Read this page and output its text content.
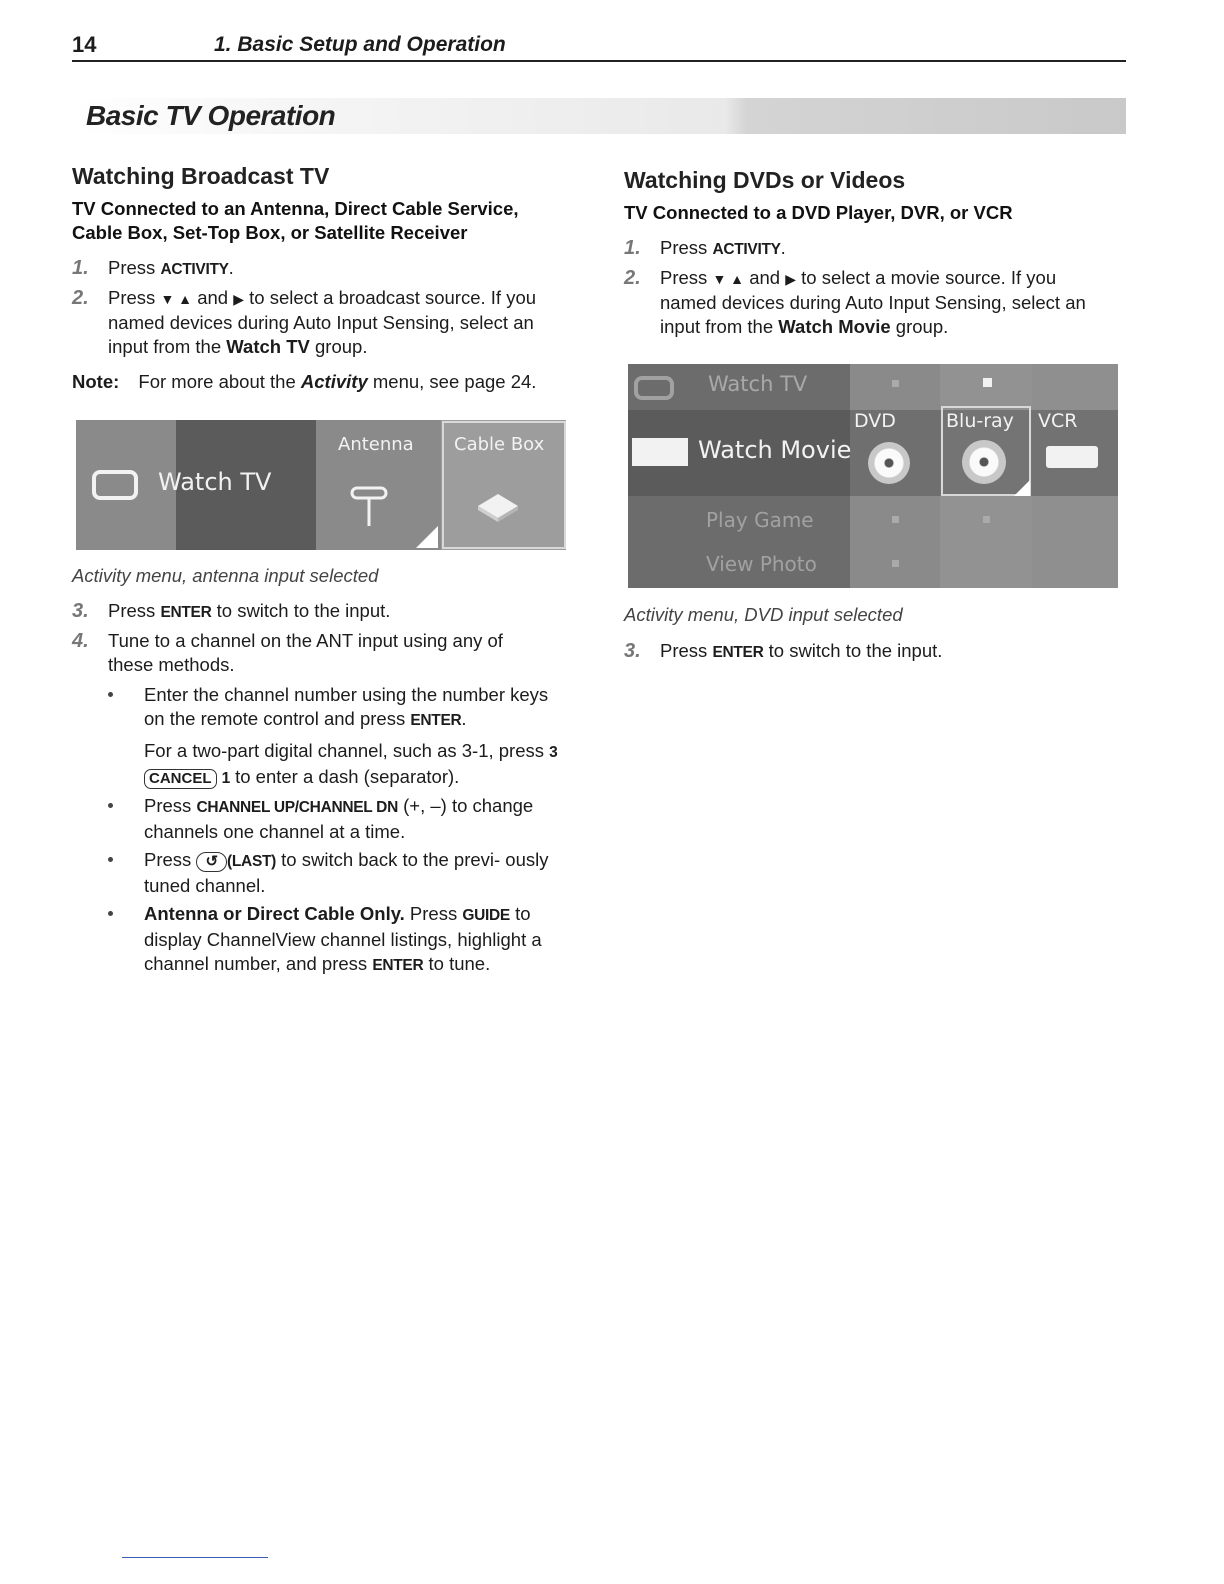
14	1. Basic Setup and Operation
Basic TV Operation
Watching Broadcast TV
TV Connected to an Antenna, Direct Cable Service, Cable Box, Set-Top Box, or Satellite Receiver
1. Press ACTIVITY.
2. Press ▼ ▲ and ▶ to select a broadcast source. If you named devices during Auto Input Sensing, select an input from the Watch TV group.
Note: For more about the Activity menu, see page 24.
Watch TV
Antenna Cable Box
Activity menu, antenna input selected
3. Press ENTER to switch to the input.
4. Tune to a channel on the ANT input using any of these methods.
Enter the channel number using the number keys on the remote control and press ENTER.
For a two-part digital channel, such as 3-1, press 3 CANCEL 1 to enter a dash (separator).
Press CHANNEL UP/CHANNEL DN (+, –) to change channels one channel at a time.
Press ↺ (LAST) to switch back to the previ- ously tuned channel.
Antenna or Direct Cable Only. Press GUIDE to display ChannelView channel listings, highlight a channel number, and press ENTER to tune.
Watching DVDs or Videos
TV Connected to a DVD Player, DVR, or VCR
1. Press ACTIVITY.
2. Press ▼ ▲ and ▶ to select a movie source. If you named devices during Auto Input Sensing, select an input from the Watch Movie group.
Watch TV
Watch Movie
Play Game
View Photo
DVD	Blu-ray VCR
Activity menu, DVD input selected
3. Press ENTER to switch to the input.
